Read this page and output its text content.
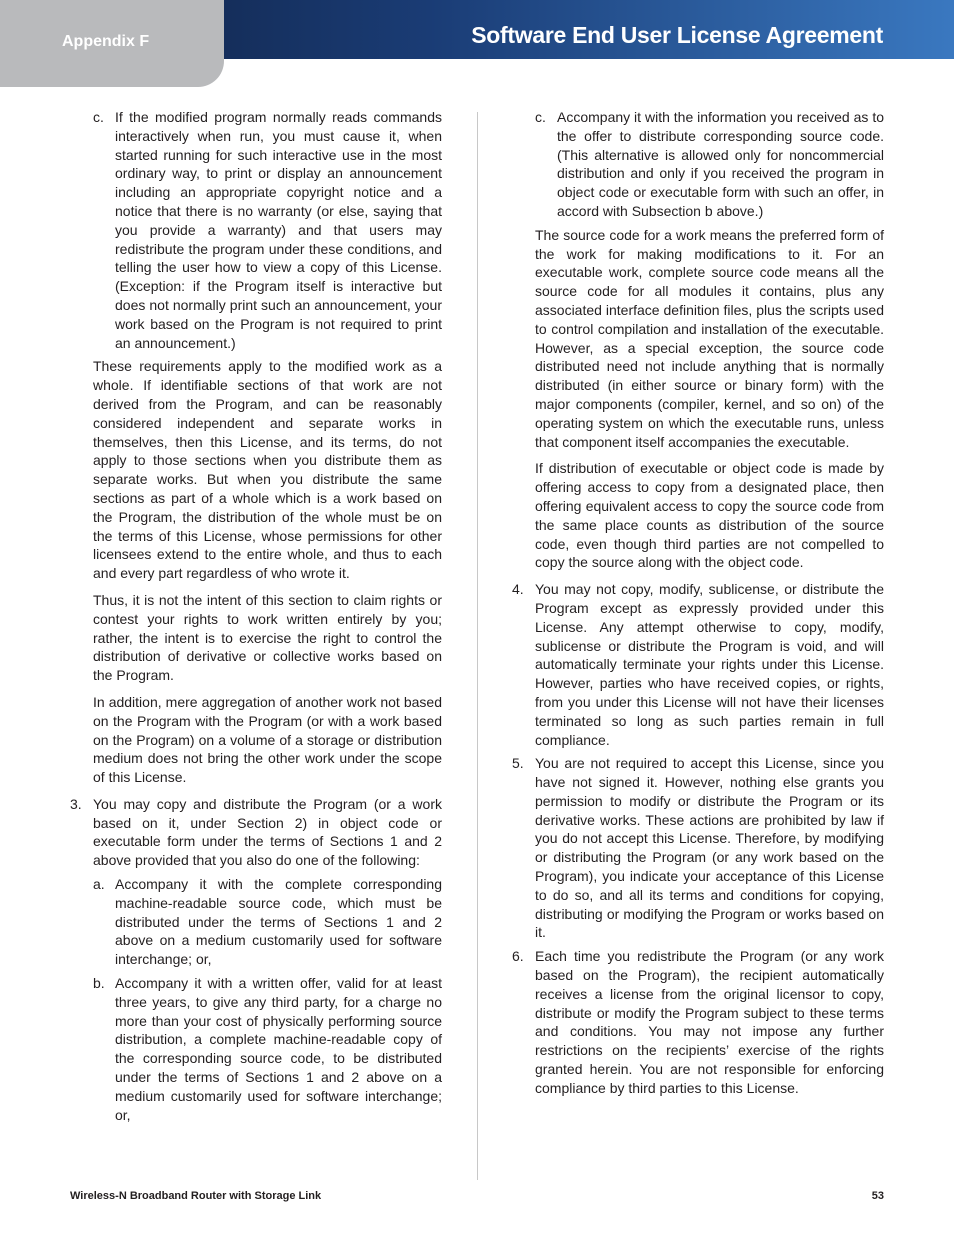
Appendix F	Software End User License Agreement
c. If the modified program normally reads commands interactively when run, you must cause it, when started running for such interactive use in the most ordinary way, to print or display an announcement including an appropriate copyright notice and a notice that there is no warranty (or else, saying that you provide a warranty) and that users may redistribute the program under these conditions, and telling the user how to view a copy of this License. (Exception: if the Program itself is interactive but does not normally print such an announcement, your work based on the Program is not required to print an announcement.)

These requirements apply to the modified work as a whole. If identifiable sections of that work are not derived from the Program, and can be reasonably considered independent and separate works in themselves, then this License, and its terms, do not apply to those sections when you distribute them as separate works. But when you distribute the same sections as part of a whole which is a work based on the Program, the distribution of the whole must be on the terms of this License, whose permissions for other licensees extend to the entire whole, and thus to each and every part regardless of who wrote it.

Thus, it is not the intent of this section to claim rights or contest your rights to work written entirely by you; rather, the intent is to exercise the right to control the distribution of derivative or collective works based on the Program.

In addition, mere aggregation of another work not based on the Program with the Program (or with a work based on the Program) on a volume of a storage or distribution medium does not bring the other work under the scope of this License.

3. You may copy and distribute the Program (or a work based on it, under Section 2) in object code or executable form under the terms of Sections 1 and 2 above provided that you also do one of the following:
a. Accompany it with the complete corresponding machine-readable source code, which must be distributed under the terms of Sections 1 and 2 above on a medium customarily used for software interchange; or,
b. Accompany it with a written offer, valid for at least three years, to give any third party, for a charge no more than your cost of physically performing source distribution, a complete machine-readable copy of the corresponding source code, to be distributed under the terms of Sections 1 and 2 above on a medium customarily used for software interchange; or,
c. Accompany it with the information you received as to the offer to distribute corresponding source code. (This alternative is allowed only for noncommercial distribution and only if you received the program in object code or executable form with such an offer, in accord with Subsection b above.)

The source code for a work means the preferred form of the work for making modifications to it. For an executable work, complete source code means all the source code for all modules it contains, plus any associated interface definition files, plus the scripts used to control compilation and installation of the executable. However, as a special exception, the source code distributed need not include anything that is normally distributed (in either source or binary form) with the major components (compiler, kernel, and so on) of the operating system on which the executable runs, unless that component itself accompanies the executable.

If distribution of executable or object code is made by offering access to copy from a designated place, then offering equivalent access to copy the source code from the same place counts as distribution of the source code, even though third parties are not compelled to copy the source along with the object code.

4. You may not copy, modify, sublicense, or distribute the Program except as expressly provided under this License. Any attempt otherwise to copy, modify, sublicense or distribute the Program is void, and will automatically terminate your rights under this License. However, parties who have received copies, or rights, from you under this License will not have their licenses terminated so long as such parties remain in full compliance.
5. You are not required to accept this License, since you have not signed it. However, nothing else grants you permission to modify or distribute the Program or its derivative works. These actions are prohibited by law if you do not accept this License. Therefore, by modifying or distributing the Program (or any work based on the Program), you indicate your acceptance of this License to do so, and all its terms and conditions for copying, distributing or modifying the Program or works based on it.
6. Each time you redistribute the Program (or any work based on the Program), the recipient automatically receives a license from the original licensor to copy, distribute or modify the Program subject to these terms and conditions. You may not impose any further restrictions on the recipients’ exercise of the rights granted herein. You are not responsible for enforcing compliance by third parties to this License.
Wireless-N Broadband Router with Storage Link	53
